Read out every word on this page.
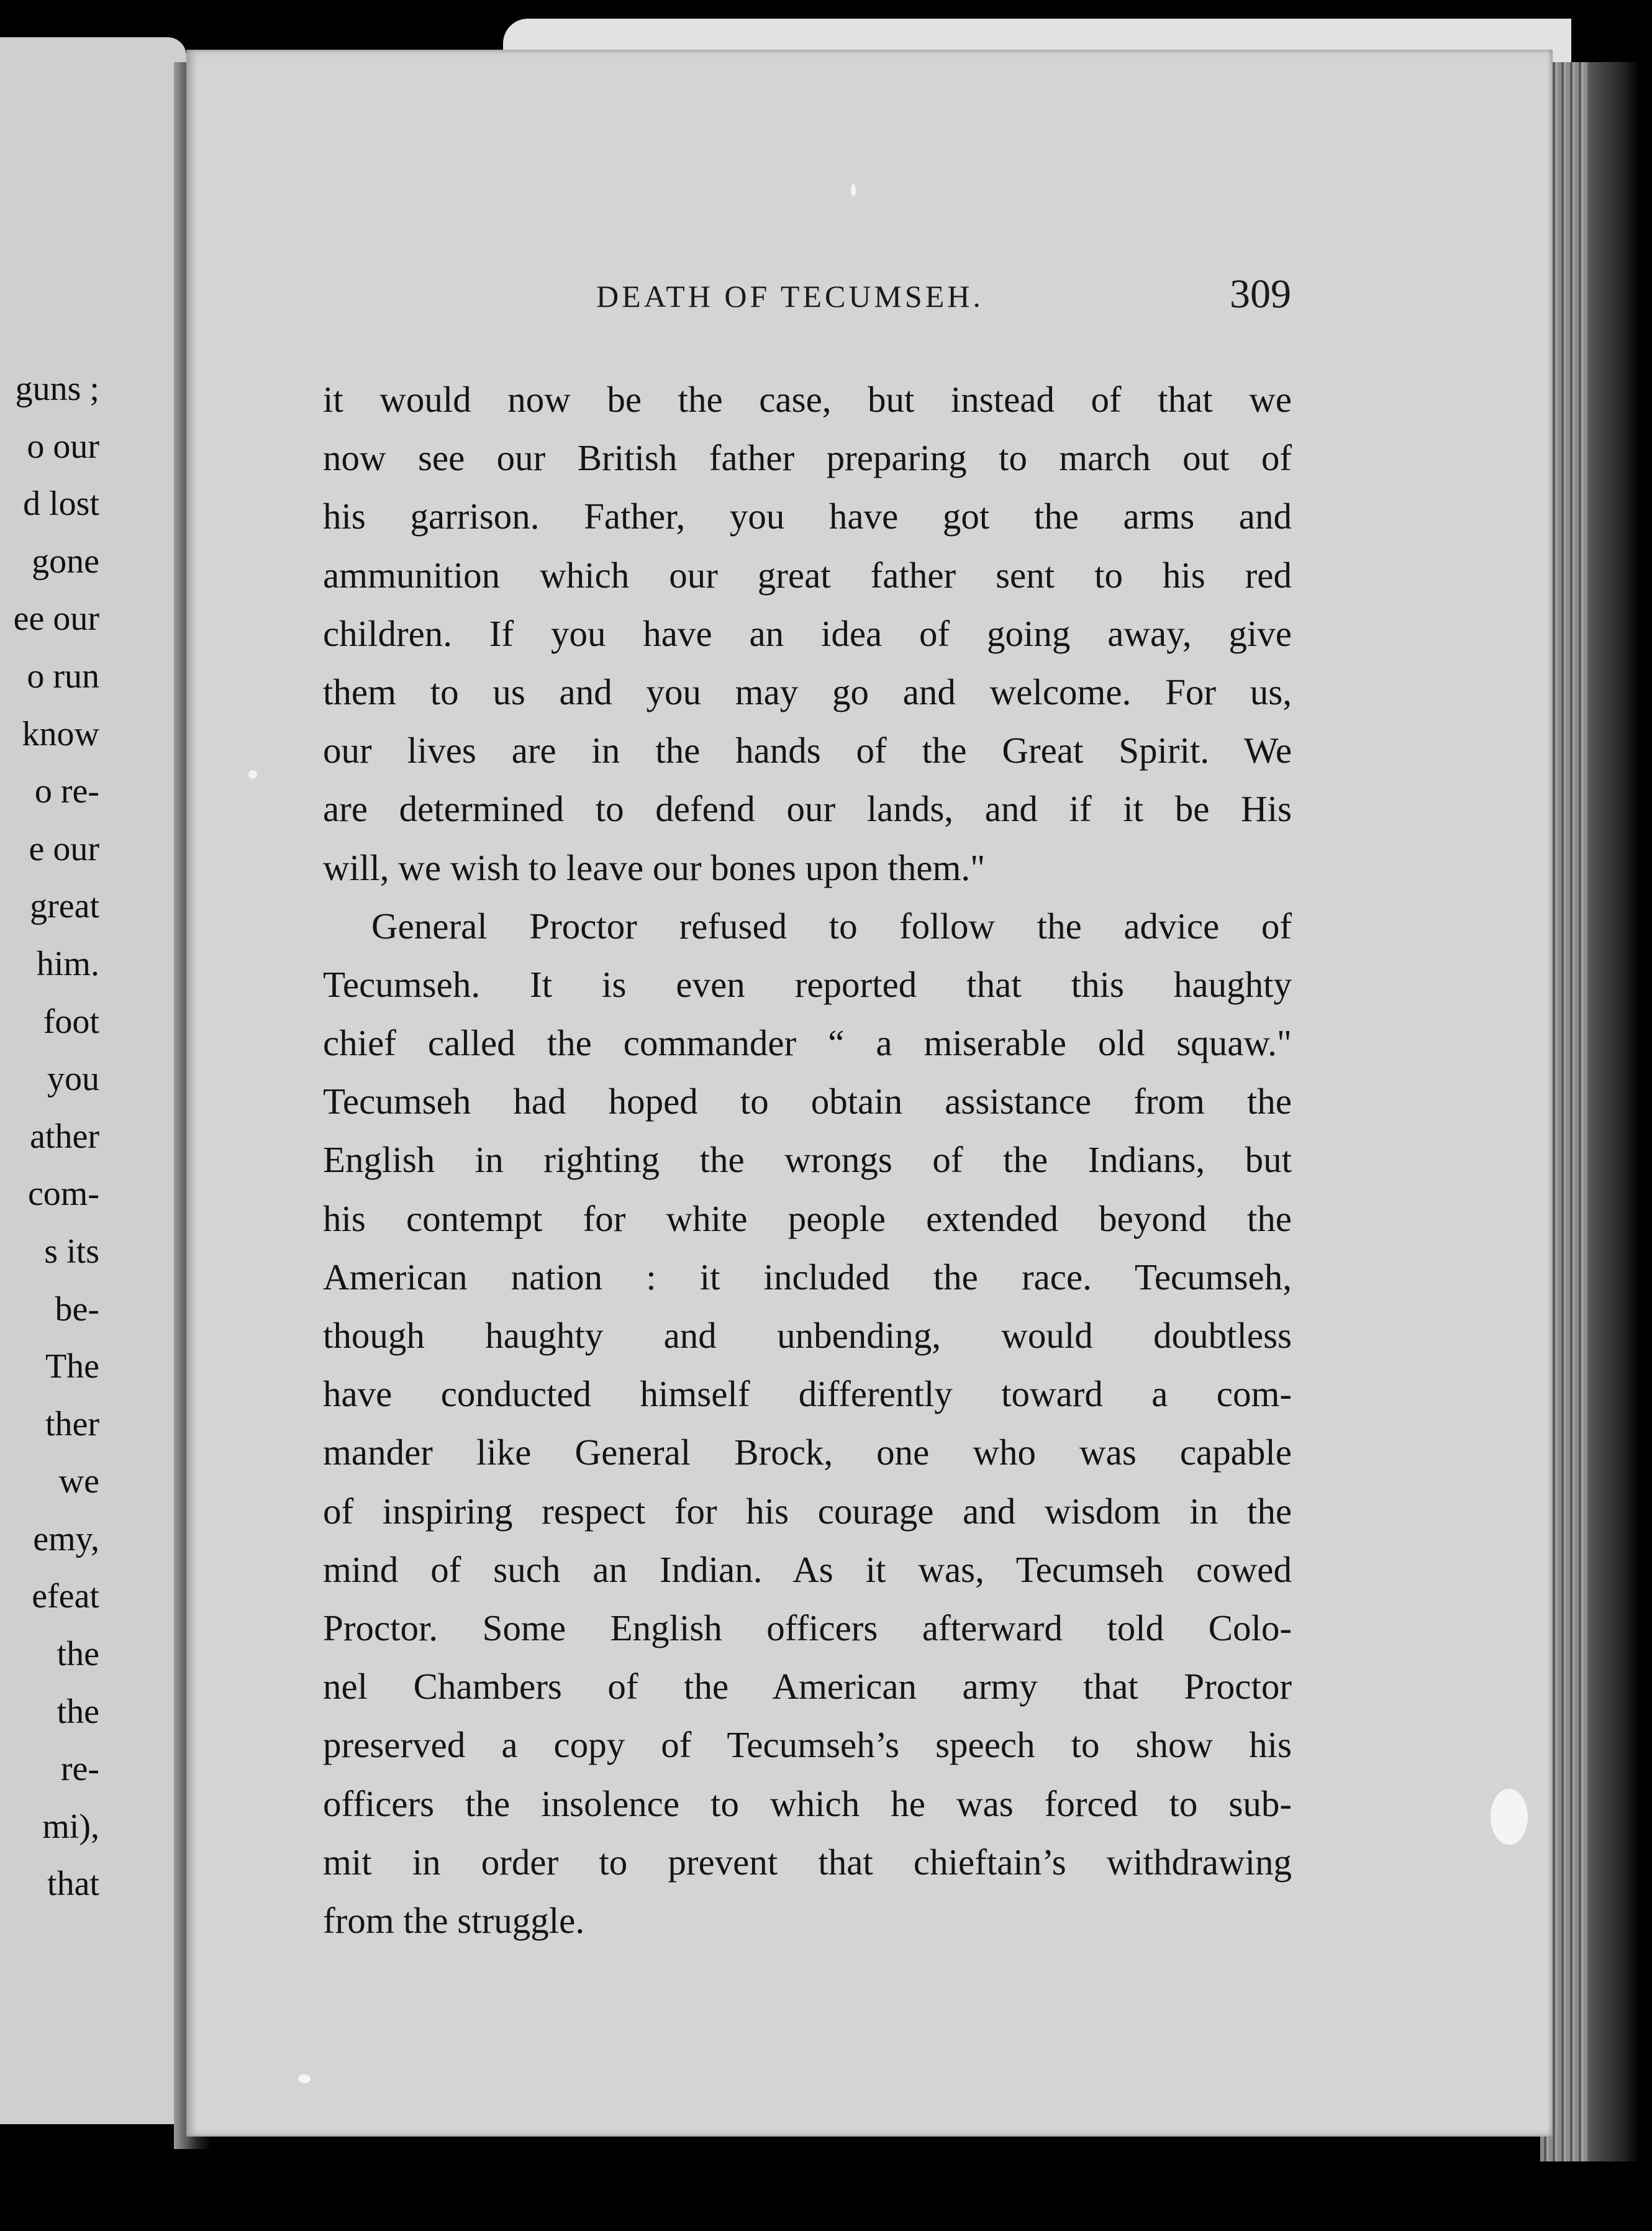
guns ;
o our
d lost
gone
ee our
o run
know
o re-
e our
great
him.
foot
you
ather
com-
s its
be-
The
ther
we
emy,
efeat
the
the
re-
mi),
that
DEATH OF TECUMSEH.	309
it would now be the case, but instead of that we
now see our British father preparing to march out of
his garrison. Father, you have got the arms and
ammunition which our great father sent to his red
children. If you have an idea of going away, give
them to us and you may go and welcome. For us,
our lives are in the hands of the Great Spirit. We
are determined to defend our lands, and if it be His
will, we wish to leave our bones upon them."
General Proctor refused to follow the advice of
Tecumseh. It is even reported that this haughty
chief called the commander “ a miserable old squaw."
Tecumseh had hoped to obtain assistance from the
English in righting the wrongs of the Indians, but
his contempt for white people extended beyond the
American nation : it included the race. Tecumseh,
though haughty and unbending, would doubtless
have conducted himself differently toward a com-
mander like General Brock, one who was capable
of inspiring respect for his courage and wisdom in the
mind of such an Indian. As it was, Tecumseh cowed
Proctor. Some English officers afterward told Colo-
nel Chambers of the American army that Proctor
preserved a copy of Tecumseh’s speech to show his
officers the insolence to which he was forced to sub-
mit in order to prevent that chieftain’s withdrawing
from the struggle.
